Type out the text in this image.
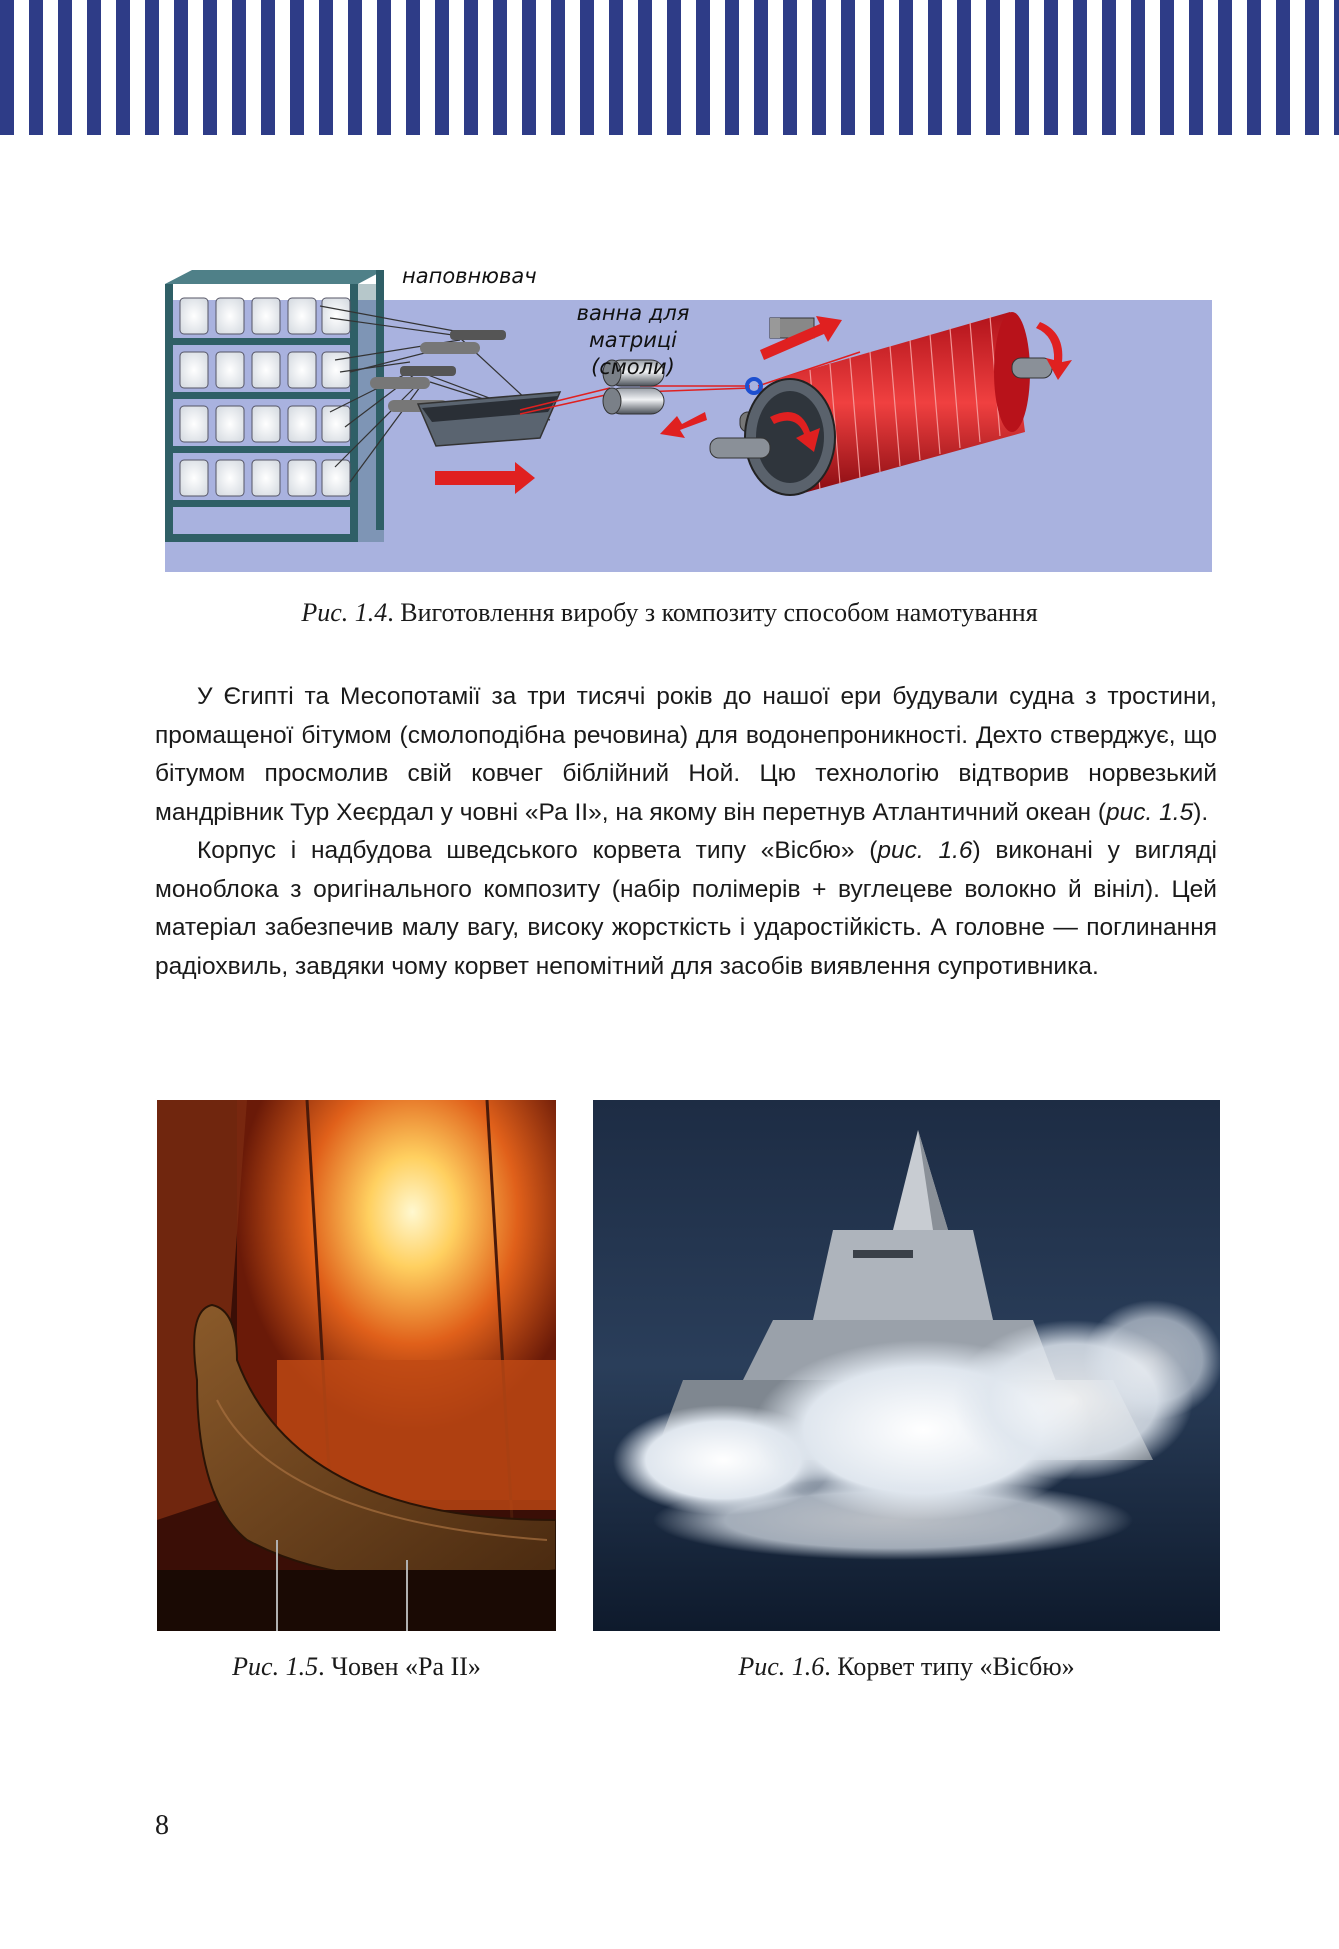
наповнювач
ванна для
матриці
(смоли)
Рис. 1.4. Виготовлення виробу з композиту способом намотування

У Єгипті та Месопотамії за три тисячі років до нашої ери будували судна з тростини, промащеної бітумом (смолоподібна речовина) для водонепроникності. Дехто стверджує, що бітумом просмолив свій ковчег біблійний Ной. Цю технологію відтворив норвезький мандрівник Тур Хеєрдал у човні «Ра ІІ», на якому він перетнув Атлантичний океан (рис. 1.5).

Корпус і надбудова шведського корвета типу «Вісбю» (рис. 1.6) виконані у вигляді моноблока з оригінального композиту (набір полімерів + вуглецеве волокно й вініл). Цей матеріал забезпечив малу вагу, високу жорсткість і ударостійкість. А головне — поглинання радіохвиль, завдяки чому корвет непомітний для засобів виявлення супротивника.

Рис. 1.5. Човен «Ра ІІ»	Рис. 1.6. Корвет типу «Вісбю»
8
